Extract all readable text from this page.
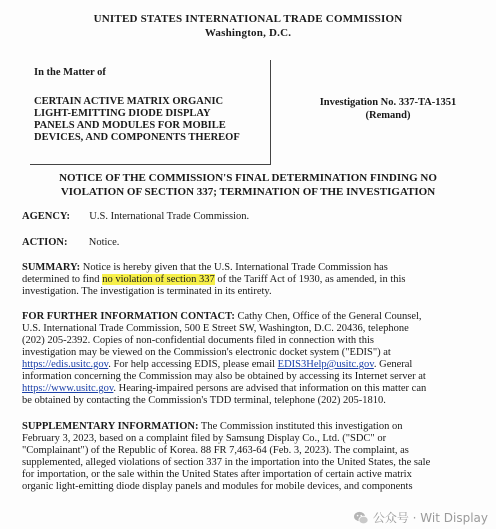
UNITED STATES INTERNATIONAL TRADE COMMISSION
Washington, D.C.
In the Matter of
CERTAIN ACTIVE MATRIX ORGANIC
LIGHT-EMITTING DIODE DISPLAY
PANELS AND MODULES FOR MOBILE
DEVICES, AND COMPONENTS THEREOF
Investigation No. 337-TA-1351
(Remand)
NOTICE OF THE COMMISSION'S FINAL DETERMINATION FINDING NO
VIOLATION OF SECTION 337; TERMINATION OF THE INVESTIGATION
AGENCY: U.S. International Trade Commission.
ACTION: Notice.
SUMMARY: Notice is hereby given that the U.S. International Trade Commission has
determined to find no violation of section 337 of the Tariff Act of 1930, as amended, in this
investigation. The investigation is terminated in its entirety.
FOR FURTHER INFORMATION CONTACT: Cathy Chen, Office of the General Counsel,
U.S. International Trade Commission, 500 E Street SW, Washington, D.C. 20436, telephone
(202) 205-2392. Copies of non-confidential documents filed in connection with this
investigation may be viewed on the Commission's electronic docket system ("EDIS") at
https://edis.usitc.gov. For help accessing EDIS, please email EDIS3Help@usitc.gov. General
information concerning the Commission may also be obtained by accessing its Internet server at
https://www.usitc.gov. Hearing-impaired persons are advised that information on this matter can
be obtained by contacting the Commission's TDD terminal, telephone (202) 205-1810.
SUPPLEMENTARY INFORMATION: The Commission instituted this investigation on
February 3, 2023, based on a complaint filed by Samsung Display Co., Ltd. ("SDC" or
"Complainant") of the Republic of Korea. 88 FR 7,463-64 (Feb. 3, 2023). The complaint, as
supplemented, alleged violations of section 337 in the importation into the United States, the sale
for importation, or the sale within the United States after importation of certain active matrix
organic light-emitting diode display panels and modules for mobile devices, and components
公众号 · Wit Display
